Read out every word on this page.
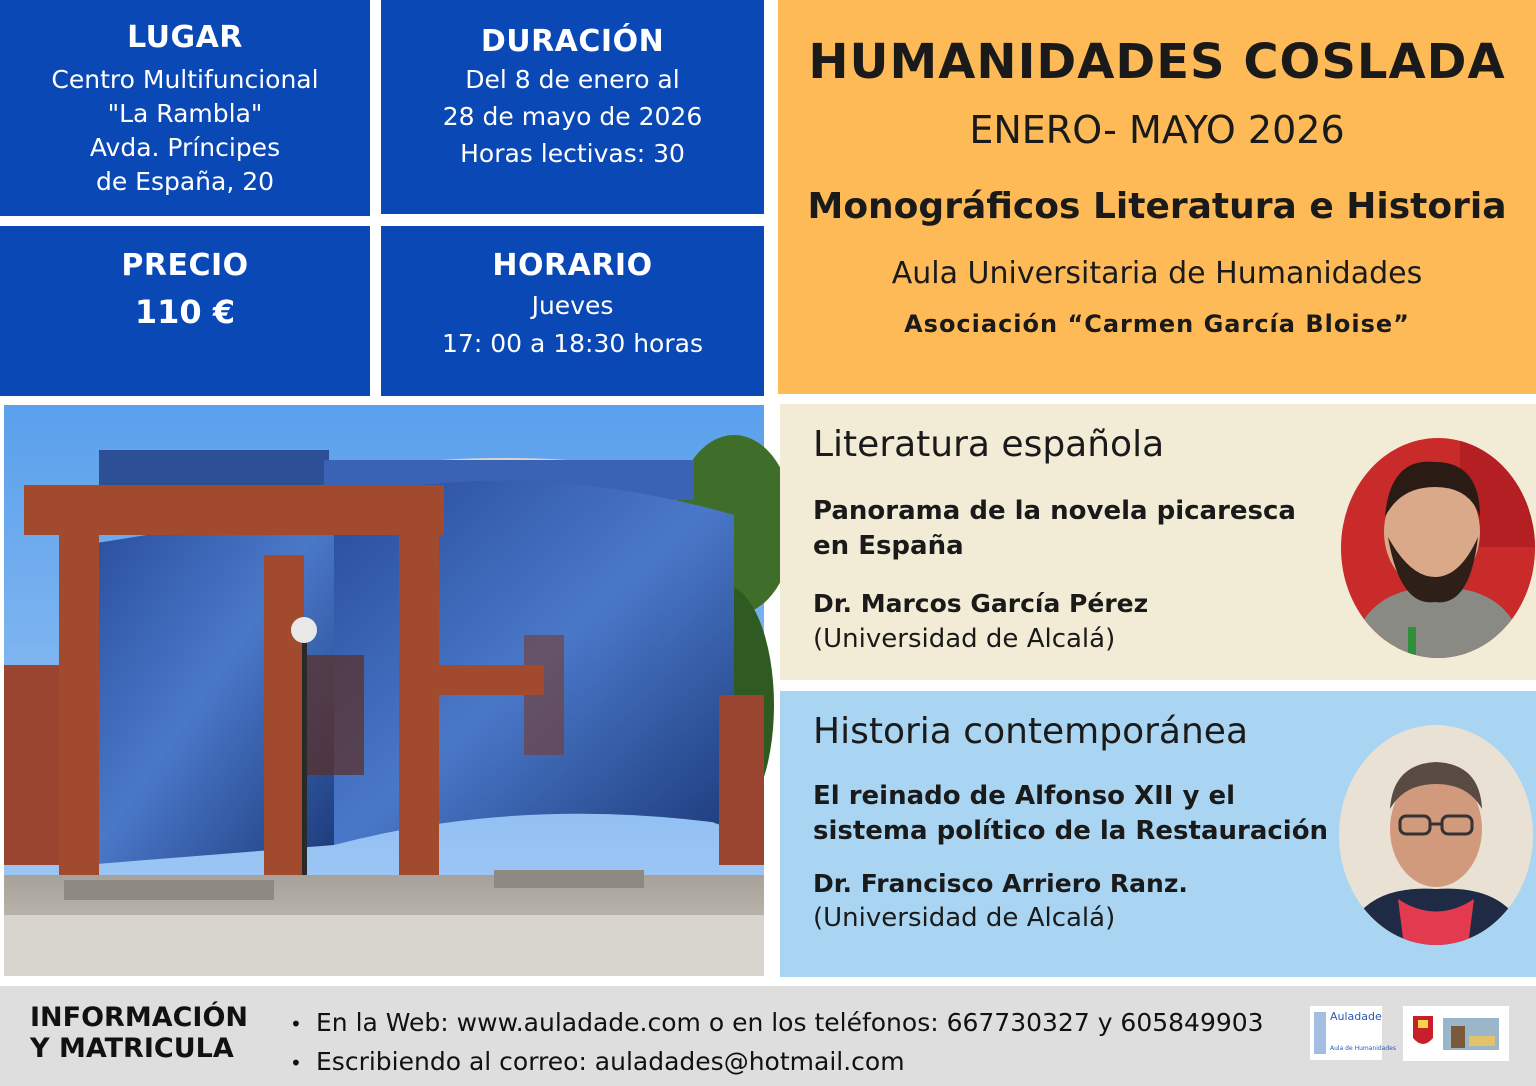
LUGAR
Centro Multifuncional
"La Rambla"
Avda. Príncipes
de España, 20
DURACIÓN
Del 8 de enero al
28 de mayo de 2026
Horas lectivas: 30
PRECIO
110 €
HORARIO
Jueves
17: 00 a 18:30 horas
HUMANIDADES COSLADA
ENERO- MAYO 2026
Monográficos Literatura e Historia
Aula Universitaria de Humanidades
Asociación “Carmen García Bloise”
Literatura española
Panorama de la novela picaresca en España
Dr. Marcos García Pérez
(Universidad de Alcalá)
Historia contemporánea
El reinado de Alfonso XII y el sistema político de la Restauración
Dr. Francisco Arriero Ranz.
(Universidad de Alcalá)
INFORMACIÓN
Y MATRICULA
• En la Web: www.auladade.com o en los teléfonos: 667730327 y 605849903
• Escribiendo al correo: auladades@hotmail.com
Auladade
Aula de Humanidades
